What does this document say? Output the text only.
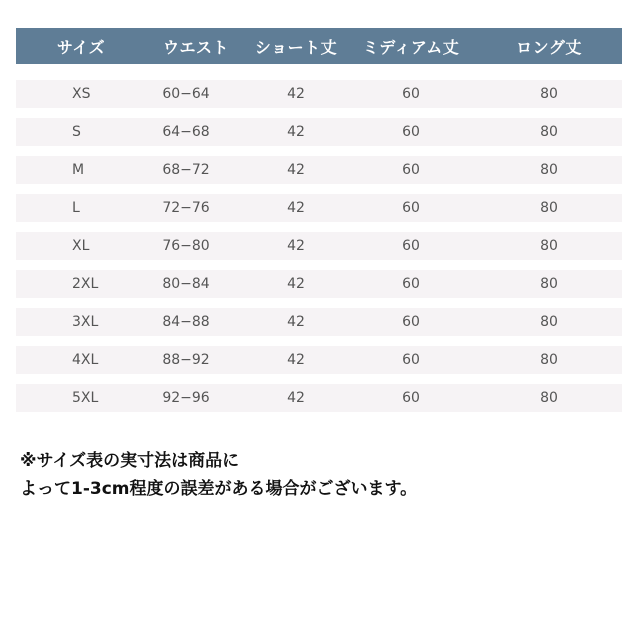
サイズ	ウエスト	ショート丈	ミディアム丈	ロング丈
XS	60−64	42	60	80
S	64−68	42	60	80
M	68−72	42	60	80
L	72−76	42	60	80
XL	76−80	42	60	80
2XL	80−84	42	60	80
3XL	84−88	42	60	80
4XL	88−92	42	60	80
5XL	92−96	42	60	80
※サイズ表の実寸法は商品に
よって1-3cm程度の誤差がある場合がございます。
